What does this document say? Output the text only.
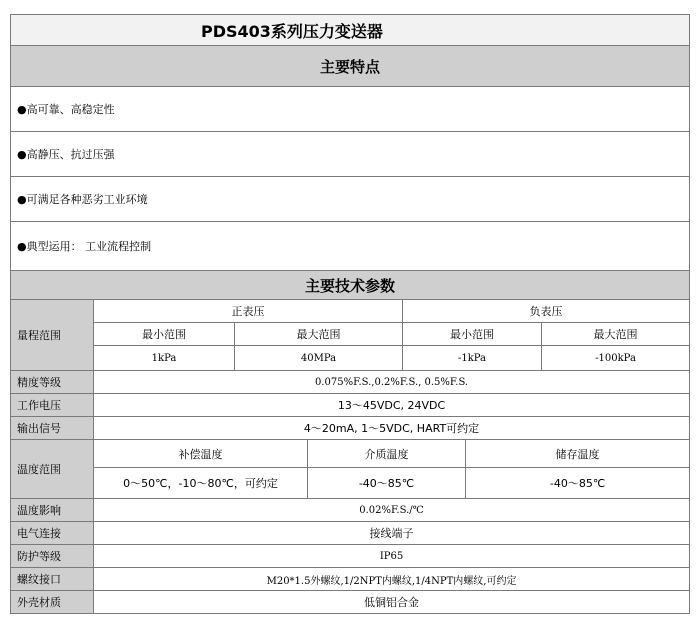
PDS403系列压力变送器						
主要特点						
●高可靠、高稳定性						
●高静压、抗过压强						
●可满足各种恶劣工业环境						
●典型运用： 工业流程控制						
主要技术参数						
量程范围	正表压			负表压		
	最小范围	最大范围		最小范围		最大范围
	1kPa	40MPa		-1kPa		-100kPa
精度等级	0.075%F.S.,0.2%F.S., 0.5%F.S.					
工作电压	13～45VDC, 24VDC					
输出信号	4～20mA, 1～5VDC, HART可约定					
温度范围	补偿温度		介质温度		储存温度	
	0～50℃，-10～80℃，可约定		-40～85℃		-40～85℃	
温度影响	0.02%F.S./℃					
电气连接	接线端子					
防护等级	IP65					
螺纹接口	M20*1.5外螺纹,1/2NPT内螺纹,1/4NPT内螺纹,可约定					
外壳材质	低铜铝合金					
